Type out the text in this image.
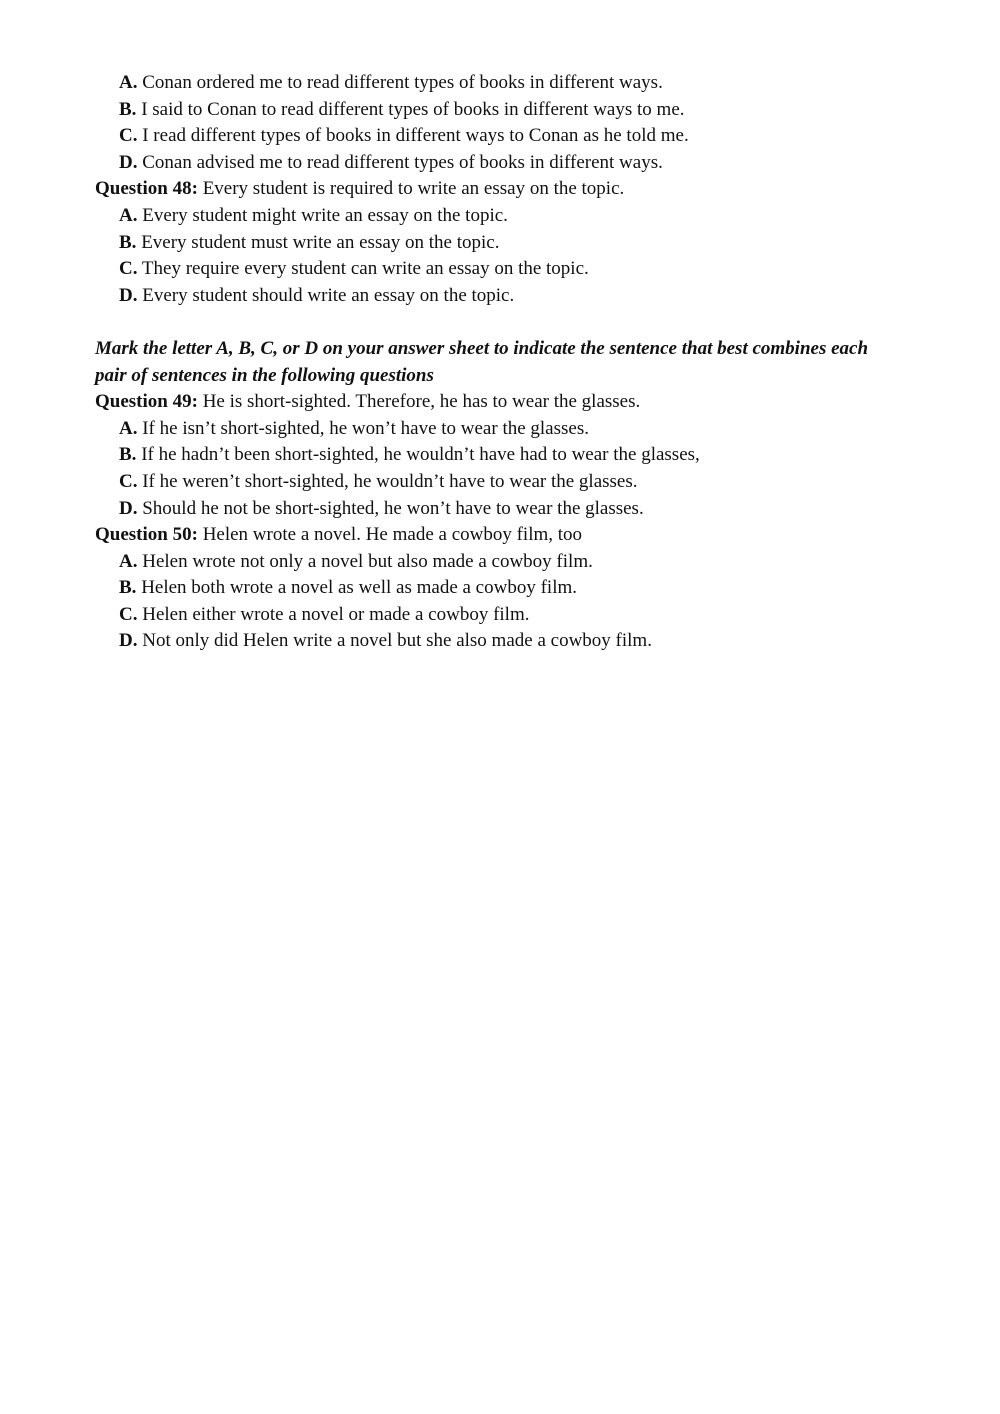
A. Conan ordered me to read different types of books in different ways.
B. I said to Conan to read different types of books in different ways to me.
C. I read different types of books in different ways to Conan as he told me.
D. Conan advised me to read different types of books in different ways.
Question 48: Every student is required to write an essay on the topic.
A. Every student might write an essay on the topic.
B. Every student must write an essay on the topic.
C. They require every student can write an essay on the topic.
D. Every student should write an essay on the topic.
Mark the letter A, B, C, or D on your answer sheet to indicate the sentence that best combines each
pair of sentences in the following questions
Question 49: He is short-sighted. Therefore, he has to wear the glasses.
A. If he isn’t short-sighted, he won’t have to wear the glasses.
B. If he hadn’t been short-sighted, he wouldn’t have had to wear the glasses,
C. If he weren’t short-sighted, he wouldn’t have to wear the glasses.
D. Should he not be short-sighted, he won’t have to wear the glasses.
Question 50: Helen wrote a novel. He made a cowboy film, too
A. Helen wrote not only a novel but also made a cowboy film.
B. Helen both wrote a novel as well as made a cowboy film.
C. Helen either wrote a novel or made a cowboy film.
D. Not only did Helen write a novel but she also made a cowboy film.
